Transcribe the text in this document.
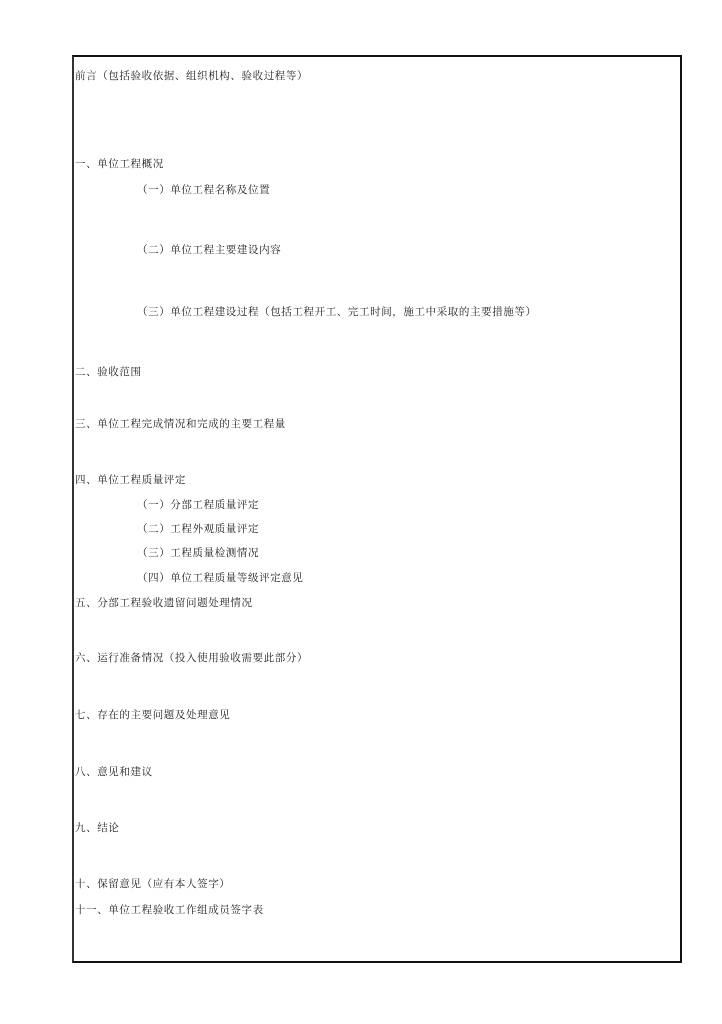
前言（包括验收依据、组织机构、验收过程等）
一、单位工程概况
（一）单位工程名称及位置
（二）单位工程主要建设内容
（三）单位工程建设过程（包括工程开工、完工时间，施工中采取的主要措施等）
二、验收范围
三、单位工程完成情况和完成的主要工程量
四、单位工程质量评定
（一）分部工程质量评定
（二）工程外观质量评定
（三）工程质量检测情况
（四）单位工程质量等级评定意见
五、分部工程验收遗留问题处理情况
六、运行准备情况（投入使用验收需要此部分）
七、存在的主要问题及处理意见
八、意见和建议
九、结论
十、保留意见（应有本人签字）
十一、单位工程验收工作组成员签字表
